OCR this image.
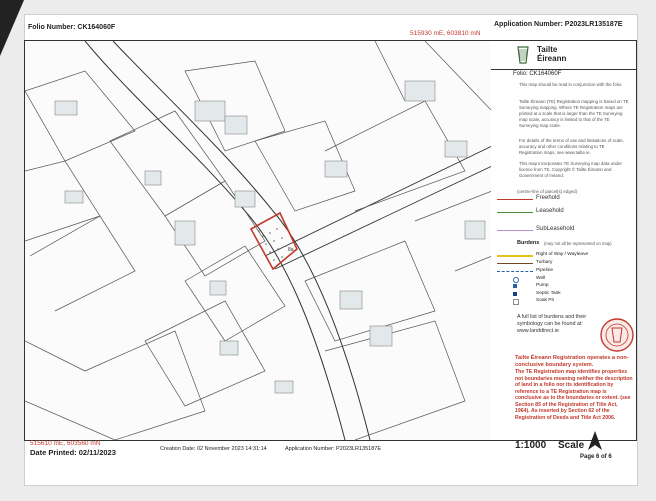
Folio Number: CK164060F	Application Number: P2023LR135187E
515930 mE, 603810 mN
8a
Tailte
Éireann
Folio: CK164060F
This map should be read in conjunction with the folio.
Tailte Éireann (TE) Registration mapping is based on TE Surveying mapping. Where TE Registration maps are printed at a scale that is larger than the TE Surveying map scale, accuracy is limited to that of the TE Surveying map scale.
For details of the terms of use and limitations of scale, accuracy and other conditions relating to TE Registration maps, see www.tailte.ie.
This map incorporates TE Surveying map data under licence from TE. Copyright © Tailte Éireann and Government of Ireland.
(centre-line of parcel(s) edged)
Freehold
Leasehold
SubLeasehold
Burdens (may not all be represented on map)
Right of Way / Wayleave
Turbary
Pipeline
Well
Pump
Septic Tank
Soak Pit
A full list of burdens and their symbology can be found at: www.landdirect.ie
Tailte Éireann Registration operates a non-conclusive boundary system.
The TE Registration map identifies properties not boundaries meaning neither the description of land in a folio nor its identification by reference to a TE Registration map is conclusive as to the boundaries or extent. (see Section 85 of the Registration of Title Act, 1964). As inserted by Section 62 of the Registration of Deeds and Title Act 2006.
515610 mE, 603560 mN
Date Printed: 02/11/2023	Creation Date: 02 November 2023 14:31:14	Application Number: P2023LR135187E	1:1000 Scale
Page 6 of 6
